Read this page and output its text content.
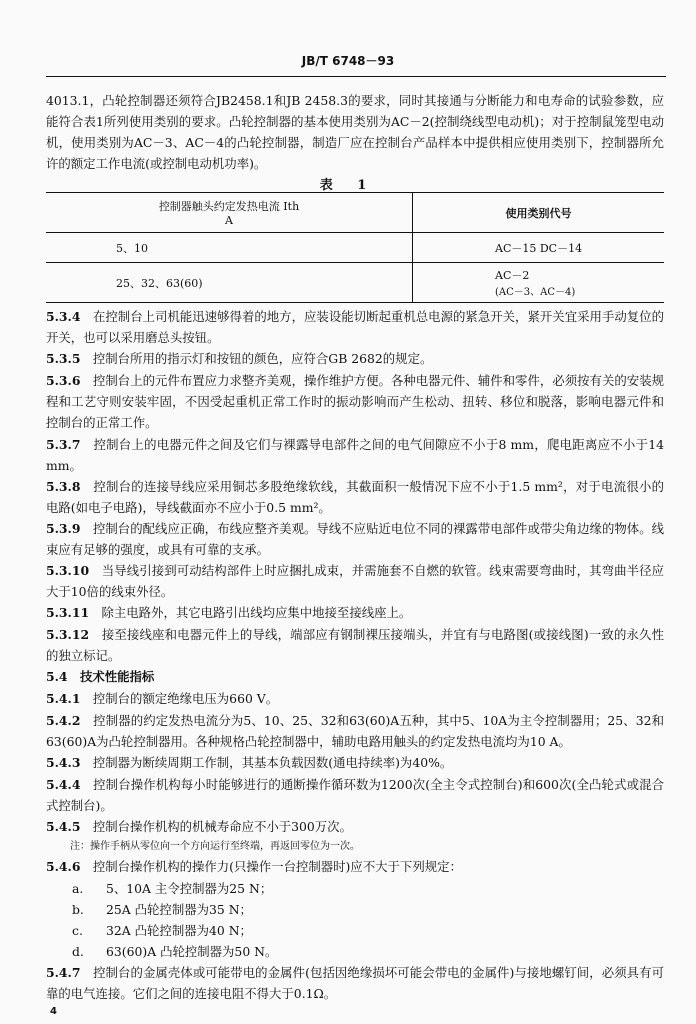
JB/T 6748－93

4013.1，凸轮控制器还须符合JB2458.1和JB 2458.3的要求，同时其接通与分断能力和电寿命的试验参数，应能符合表1所列使用类别的要求。凸轮控制器的基本使用类别为AC－2(控制绕线型电动机)；对于控制鼠笼型电动机，使用类别为AC－3、AC－4的凸轮控制器，制造厂应在控制台产品样本中提供相应使用类别下，控制器所允许的额定工作电流(或控制电动机功率)。

表 1
控制器触头约定发热电流 Ith
A	使用类别代号
5、10	AC－15 DC－14
25、32、63(60)	AC－2
(AC－3、AC－4)

5.3.4　 在控制台上司机能迅速够得着的地方，应装设能切断起重机总电源的紧急开关，紧开关宜采用手动复位的开关，也可以采用磨总头按钮。

5.3.5　 控制台所用的指示灯和按钮的颜色，应符合GB 2682的规定。

5.3.6　 控制台上的元件布置应力求整齐美观，操作维护方便。各种电器元件、辅件和零件，必须按有关的安装规程和工艺守则安装牢固，不因受起重机正常工作时的振动影响而产生松动、扭转、移位和脱落，影响电器元件和控制台的正常工作。

5.3.7　 控制台上的电器元件之间及它们与裸露导电部件之间的电气间隙应不小于8 mm，爬电距离应不小于14 mm。

5.3.8　 控制台的连接导线应采用铜芯多股绝缘软线，其截面积一般情况下应不小于1.5 mm²，对于电流很小的电路(如电子电路)，导线截面亦不应小于0.5 mm²。

5.3.9　 控制台的配线应正确，布线应整齐美观。导线不应贴近电位不同的裸露带电部件或带尖角边缘的物体。线束应有足够的强度，或具有可靠的支承。

5.3.10　 当导线引接到可动结构部件上时应捆扎成束，并需施套不自燃的软管。线束需要弯曲时，其弯曲半径应大于10倍的线束外径。

5.3.11　 除主电路外，其它电路引出线均应集中地接至接线座上。

5.3.12　 接至接线座和电器元件上的导线，端部应有钢制裸压接端头，并宜有与电路图(或接线图)一致的永久性的独立标记。

5.4　 技术性能指标

5.4.1　 控制台的额定绝缘电压为660 V。

5.4.2　 控制器的约定发热电流分为5、10、25、32和63(60)A五种，其中5、10A为主令控制器用；25、32和63(60)A为凸轮控制器用。各种规格凸轮控制器中，辅助电路用触头的约定发热电流均为10 A。

5.4.3　 控制器为断续周期工作制，其基本负载因数(通电持续率)为40%。

5.4.4　 控制台操作机构每小时能够进行的通断操作循环数为1200次(全主令式控制台)和600次(全凸轮式或混合式控制台)。

5.4.5　 控制台操作机构的机械寿命应不小于300万次。

注：操作手柄从零位向一个方向运行至终端，再返回零位为一次。

5.4.6　 控制台操作机构的操作力(只操作一台控制器时)应不大于下列规定：

a. 5、10A 主令控制器为25 N；

b. 25A 凸轮控制器为35 N；

c. 32A 凸轮控制器为40 N；

d. 63(60)A 凸轮控制器为50 N。

5.4.7　 控制台的金属壳体或可能带电的金属件(包括因绝缘损坏可能会带电的金属件)与接地螺钉间，必须具有可靠的电气连接。它们之间的连接电阻不得大于0.1Ω。

4
